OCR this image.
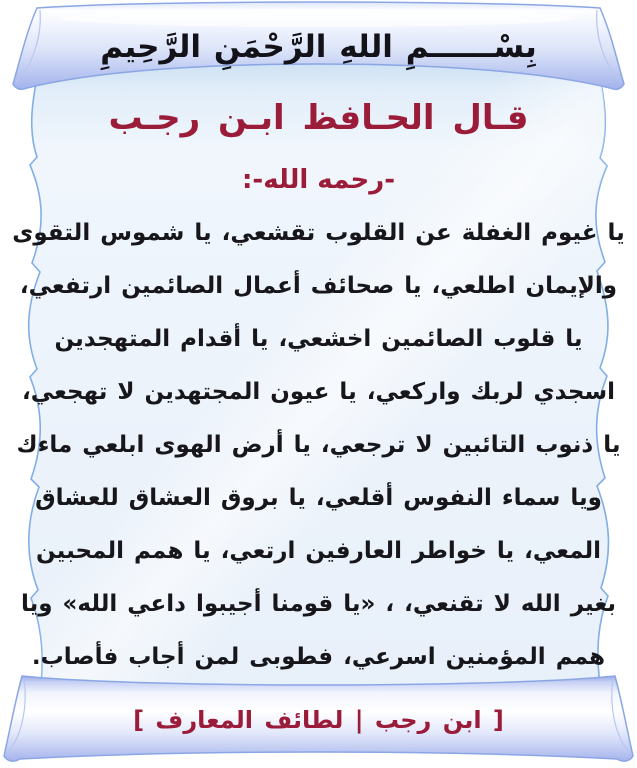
بِسْــــــمِ اللهِ الرَّحْمَنِ الرَّحِيمِ
قـال الحـافظ ابـن رجـب
-رحمه الله-:
يا غيوم الغفلة عن القلوب تقشعي، يا شموس التقوى
والإيمان اطلعي، يا صحائف أعمال الصائمين ارتفعي،
يا قلوب الصائمين اخشعي، يا أقدام المتهجدين
اسجدي لربك واركعي، يا عيون المجتهدين لا تهجعي،
يا ذنوب التائبين لا ترجعي، يا أرض الهوى ابلعي ماءك
ويا سماء النفوس أقلعي، يا بروق العشاق للعشاق
المعي، يا خواطر العارفين ارتعي، يا همم المحبين
بغير الله لا تقنعي، ، «يا قومنا أجيبوا داعي الله» ويا
همم المؤمنين اسرعي، فطوبى لمن أجاب فأصاب.
[ ابن رجب | لطائف المعارف ]
